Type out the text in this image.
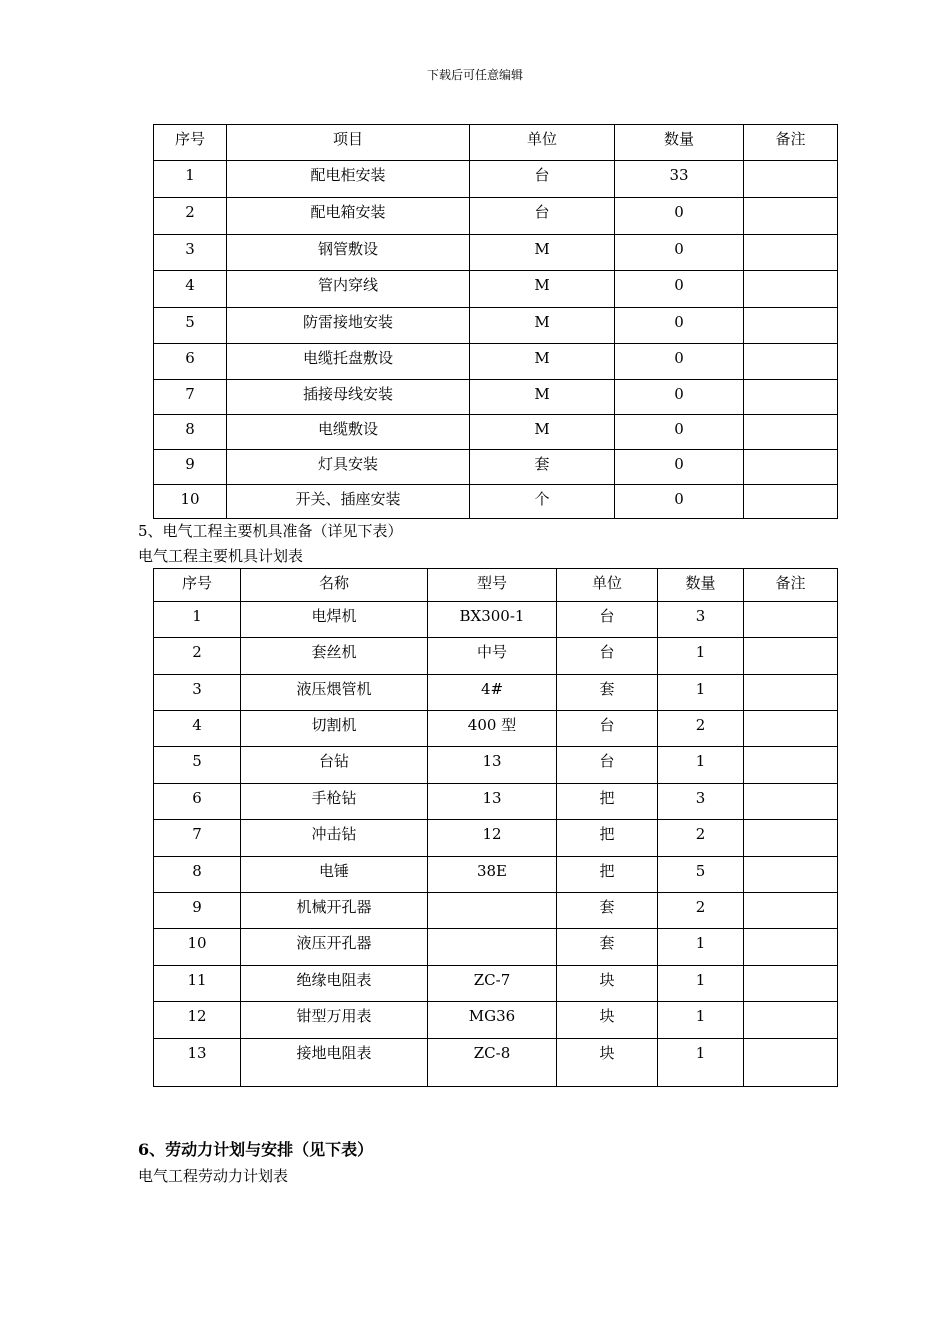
下载后可任意编辑
序号	项目	单位	数量	备注

1	配电柜安装	台	33	

2	配电箱安装	台	0	

3	钢管敷设	M	0	

4	管内穿线	M	0	

5	防雷接地安装	M	0	

6	电缆托盘敷设	M	0	

7	插接母线安装	M	0	

8	电缆敷设	M	0	

9	灯具安装	套	0	

10	开关、插座安装	个	0	

5、电气工程主要机具准备（详见下表）
电气工程主要机具计划表
序号	名称	型号	单位	数量	备注

1	电焊机	BX300-1	台	3	

2	套丝机	中号	台	1	

3	液压煨管机	4#	套	1	

4	切割机	400 型	台	2	

5	台钻	13	台	1	

6	手枪钻	13	把	3	

7	冲击钻	12	把	2	

8	电锤	38E	把	5	

9	机械开孔器		套	2	

10	液压开孔器		套	1	

11	绝缘电阻表	ZC-7	块	1	

12	钳型万用表	MG36	块	1	

13	接地电阻表	ZC-8	块	1	

6、劳动力计划与安排（见下表）
电气工程劳动力计划表
